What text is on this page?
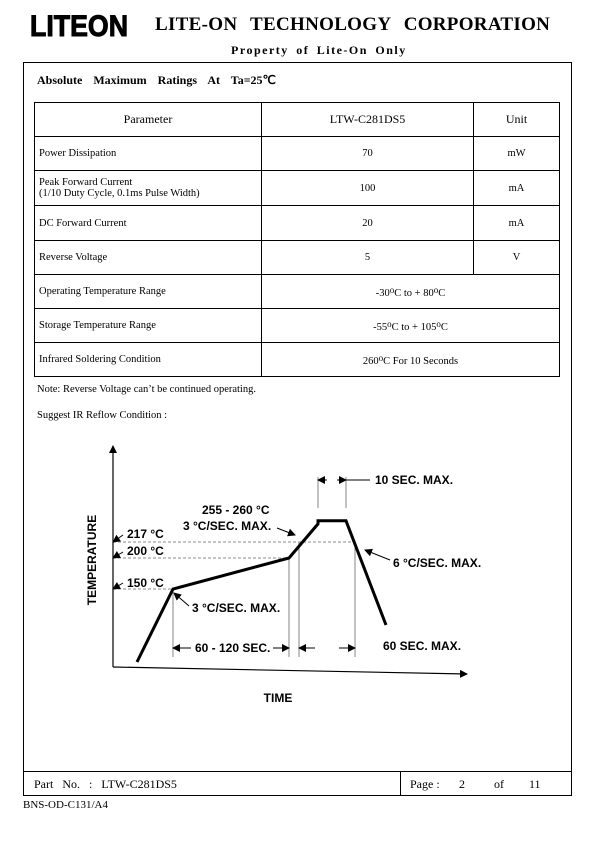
LITEON LITE-ON TECHNOLOGY CORPORATION
Property of Lite-On Only
Absolute Maximum Ratings At Ta=25℃
Parameter	LTW-C281DS5	Unit
Power Dissipation	70	mW

Peak Forward Current
(1/10 Duty Cycle, 0.1ms Pulse Width)	100	mA
DC Forward Current	20	mA
Reverse Voltage	5	V
Operating Temperature Range	-30oC to + 80oC	
Storage Temperature Range	-55oC to + 105oC	
Infrared Soldering Condition	260oC For 10 Seconds	
Note: Reverse Voltage can’t be continued operating.
Suggest IR Reflow Condition :
TIME
TEMPERATURE
10 SEC. MAX.
255 - 260 °C
3 °C/SEC. MAX.
217 °C
200 °C
6 °C/SEC. MAX.
150 °C
3 °C/SEC. MAX.
60 - 120 SEC.	60 SEC. MAX.
Part No. : LTW-C281DS5	Page : 2 of 11
BNS-OD-C131/A4
